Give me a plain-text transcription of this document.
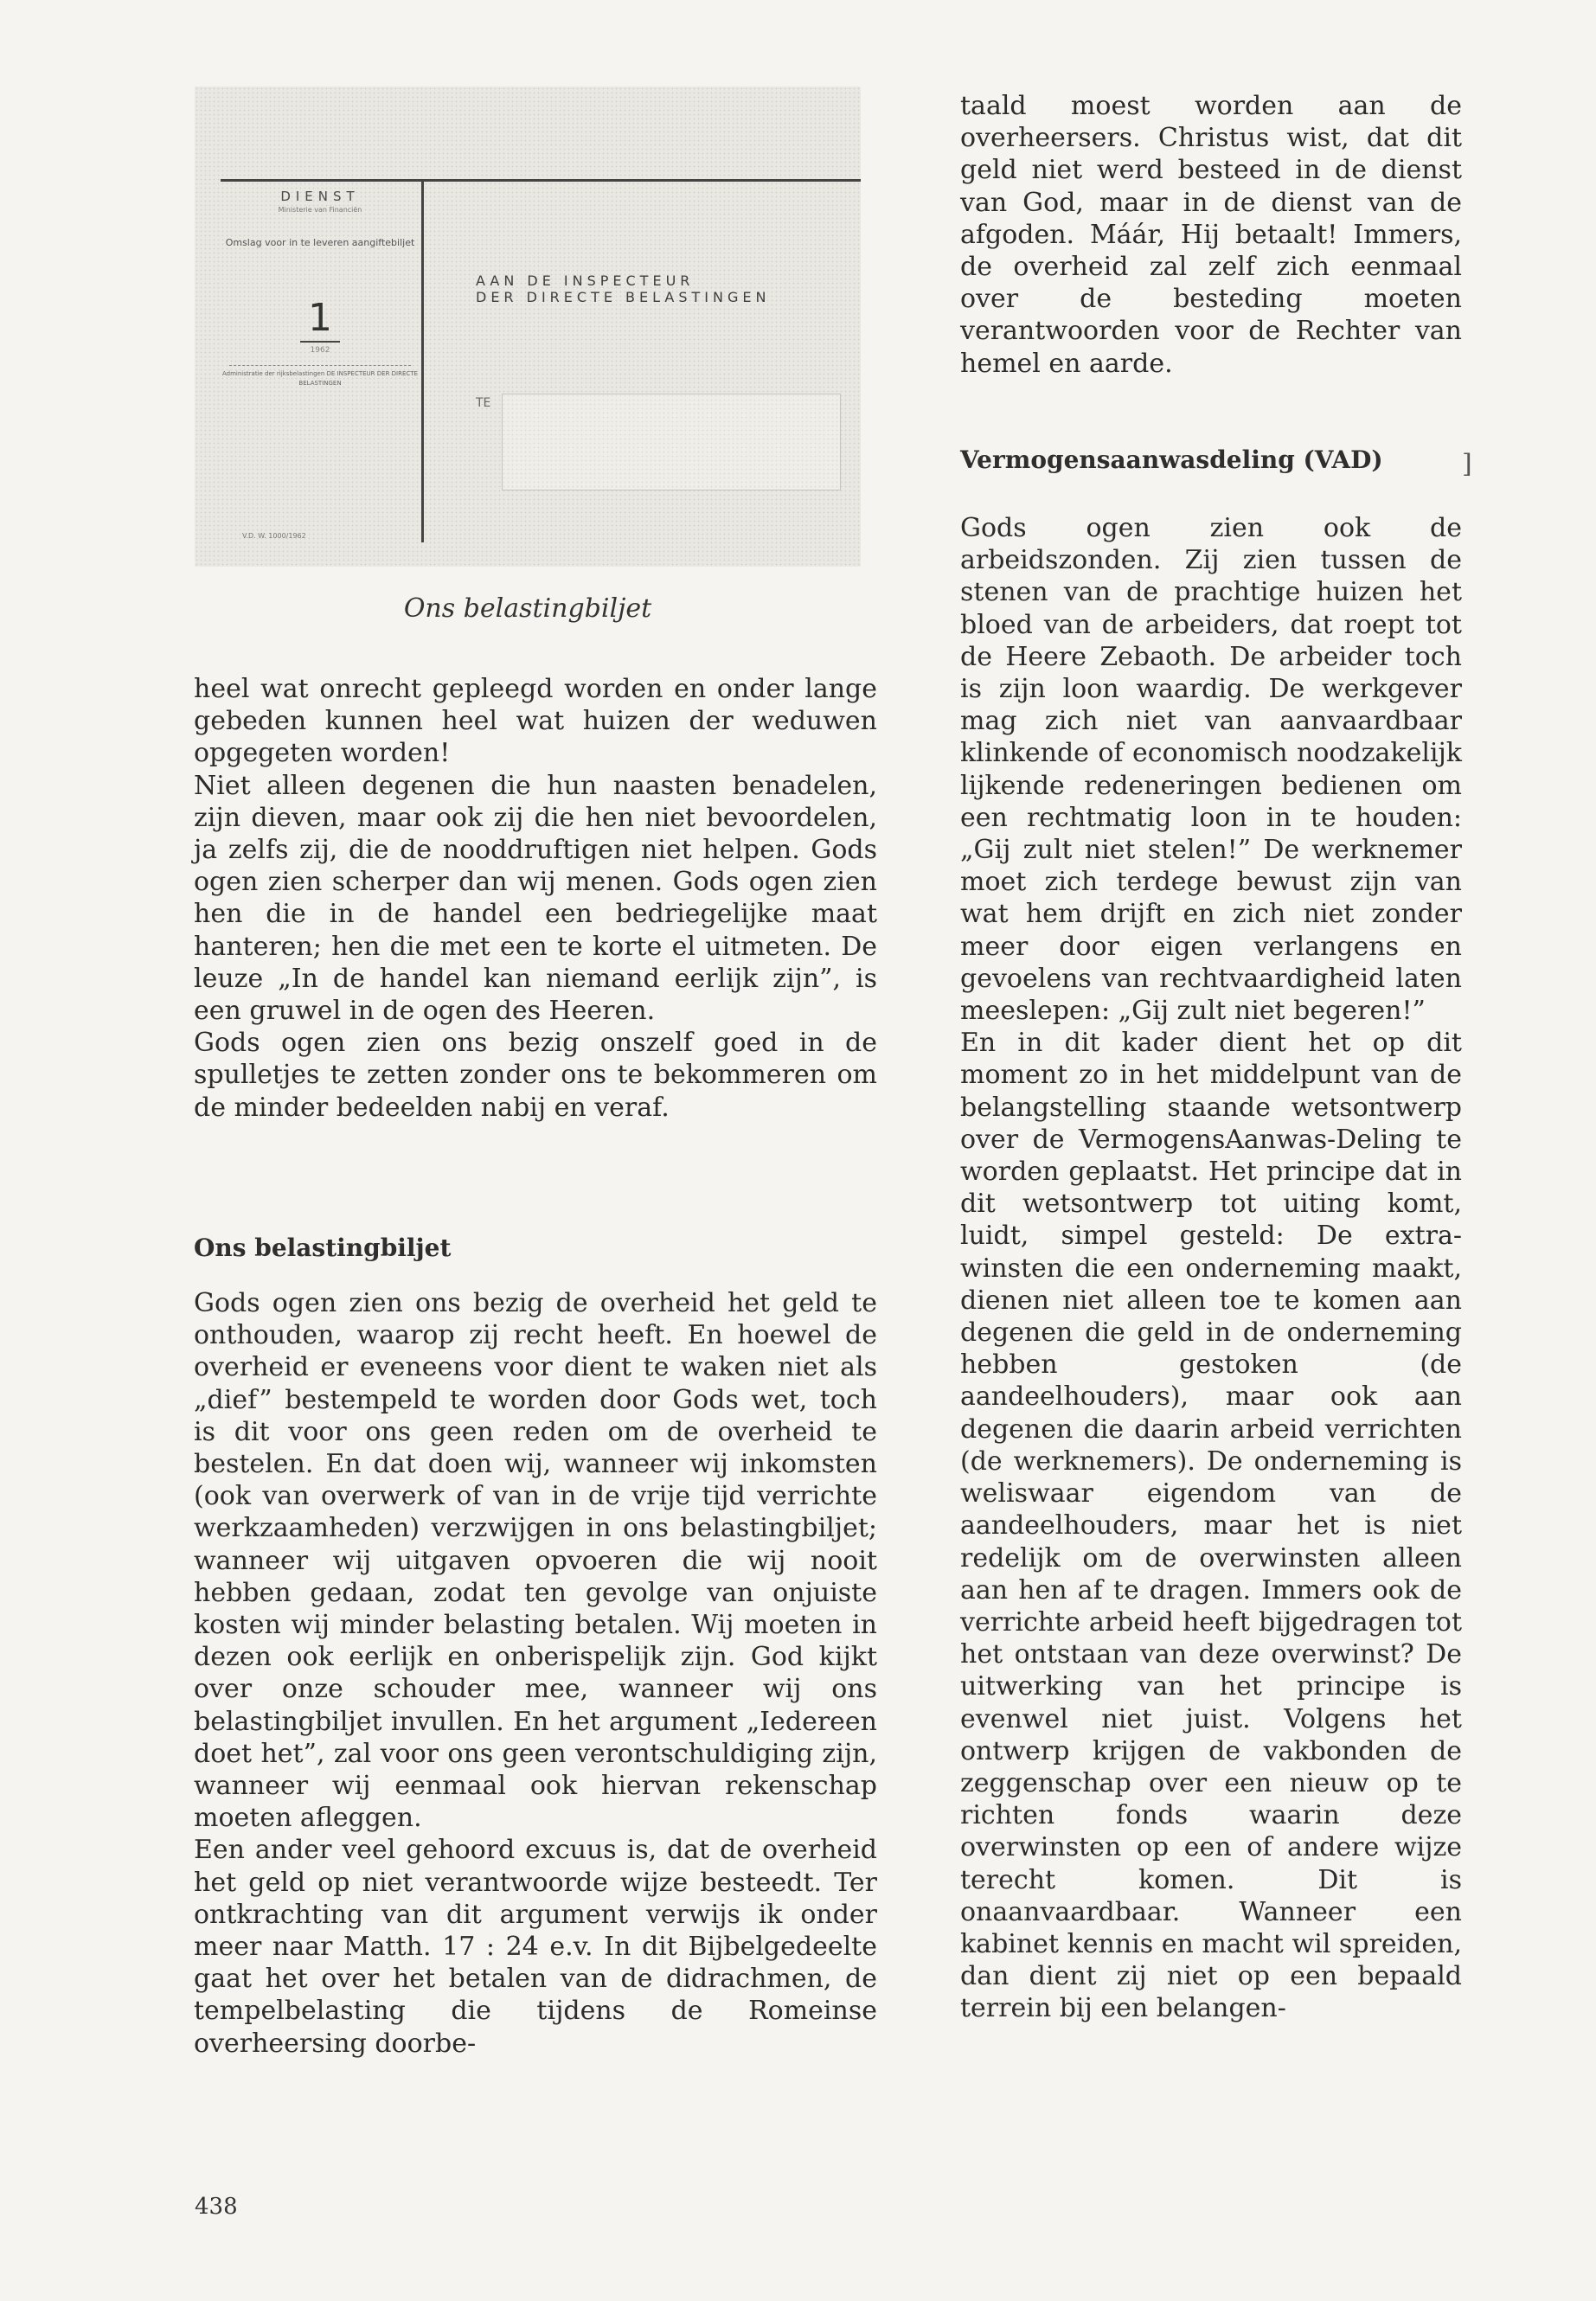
DIENST
Ministerie van Financiën
Omslag voor in te leveren aangiftebiljet
1
1962
Administratie der rijksbelastingen DE INSPECTEUR DER DIRECTE BELASTINGEN
AAN DE INSPECTEUR
DER DIRECTE BELASTINGEN
TE
V.D. W. 1000/1962
Ons belastingbiljet

heel wat onrecht gepleegd worden en onder lange gebeden kunnen heel wat huizen der weduwen opgegeten worden!

Niet alleen degenen die hun naasten benadelen, zijn dieven, maar ook zij die hen niet bevoordelen, ja zelfs zij, die de nooddruftigen niet helpen. Gods ogen zien scherper dan wij menen. Gods ogen zien hen die in de handel een bedriegelijke maat hanteren; hen die met een te korte el uitmeten. De leuze „In de handel kan niemand eerlijk zijn”, is een gruwel in de ogen des Heeren.

Gods ogen zien ons bezig onszelf goed in de spulletjes te zetten zonder ons te bekommeren om de minder bedeelden nabij en veraf.

Ons belastingbiljet

Gods ogen zien ons bezig de overheid het geld te onthouden, waarop zij recht heeft. En hoewel de overheid er eveneens voor dient te waken niet als „dief” bestempeld te worden door Gods wet, toch is dit voor ons geen reden om de overheid te bestelen. En dat doen wij, wanneer wij inkomsten (ook van overwerk of van in de vrije tijd verrichte werkzaamheden) verzwijgen in ons belastingbiljet; wanneer wij uitgaven opvoeren die wij nooit hebben gedaan, zodat ten gevolge van onjuiste kosten wij minder belasting betalen. Wij moeten in dezen ook eerlijk en onberispelijk zijn. God kijkt over onze schouder mee, wanneer wij ons belastingbiljet invullen. En het argument „Iedereen doet het”, zal voor ons geen verontschuldiging zijn, wanneer wij eenmaal ook hiervan rekenschap moeten afleggen.

Een ander veel gehoord excuus is, dat de overheid het geld op niet verantwoorde wijze besteedt. Ter ontkrachting van dit argument verwijs ik onder meer naar Matth. 17 : 24 e.v. In dit Bijbelgedeelte gaat het over het betalen van de didrachmen, de tempelbelasting die tijdens de Romeinse overheersing doorbe-

taald moest worden aan de overheersers. Christus wist, dat dit geld niet werd besteed in de dienst van God, maar in de dienst van de afgoden. Máár, Hij betaalt! Immers, de overheid zal zelf zich eenmaal over de besteding moeten verantwoorden voor de Rechter van hemel en aarde.

Vermogensaanwasdeling (VAD)	]

Gods ogen zien ook de arbeidszonden. Zij zien tussen de stenen van de prachtige huizen het bloed van de arbeiders, dat roept tot de Heere Zebaoth. De arbeider toch is zijn loon waardig. De werkgever mag zich niet van aanvaardbaar klinkende of economisch noodzakelijk lijkende redeneringen bedienen om een rechtmatig loon in te houden: „Gij zult niet stelen!” De werknemer moet zich terdege bewust zijn van wat hem drijft en zich niet zonder meer door eigen verlangens en gevoelens van rechtvaardigheid laten meeslepen: „Gij zult niet begeren!”

En in dit kader dient het op dit moment zo in het middelpunt van de belangstelling staande wetsontwerp over de VermogensAanwas-Deling te worden geplaatst. Het principe dat in dit wetsontwerp tot uiting komt, luidt, simpel gesteld: De extra-winsten die een onderneming maakt, dienen niet alleen toe te komen aan degenen die geld in de onderneming hebben gestoken (de aandeelhouders), maar ook aan degenen die daarin arbeid verrichten (de werknemers). De onderneming is weliswaar eigendom van de aandeelhouders, maar het is niet redelijk om de overwinsten alleen aan hen af te dragen. Immers ook de verrichte arbeid heeft bijgedragen tot het ontstaan van deze overwinst? De uitwerking van het principe is evenwel niet juist. Volgens het ontwerp krijgen de vakbonden de zeggenschap over een nieuw op te richten fonds waarin deze overwinsten op een of andere wijze terecht komen. Dit is onaanvaardbaar. Wanneer een kabinet kennis en macht wil spreiden, dan dient zij niet op een bepaald terrein bij een belangen-

438
